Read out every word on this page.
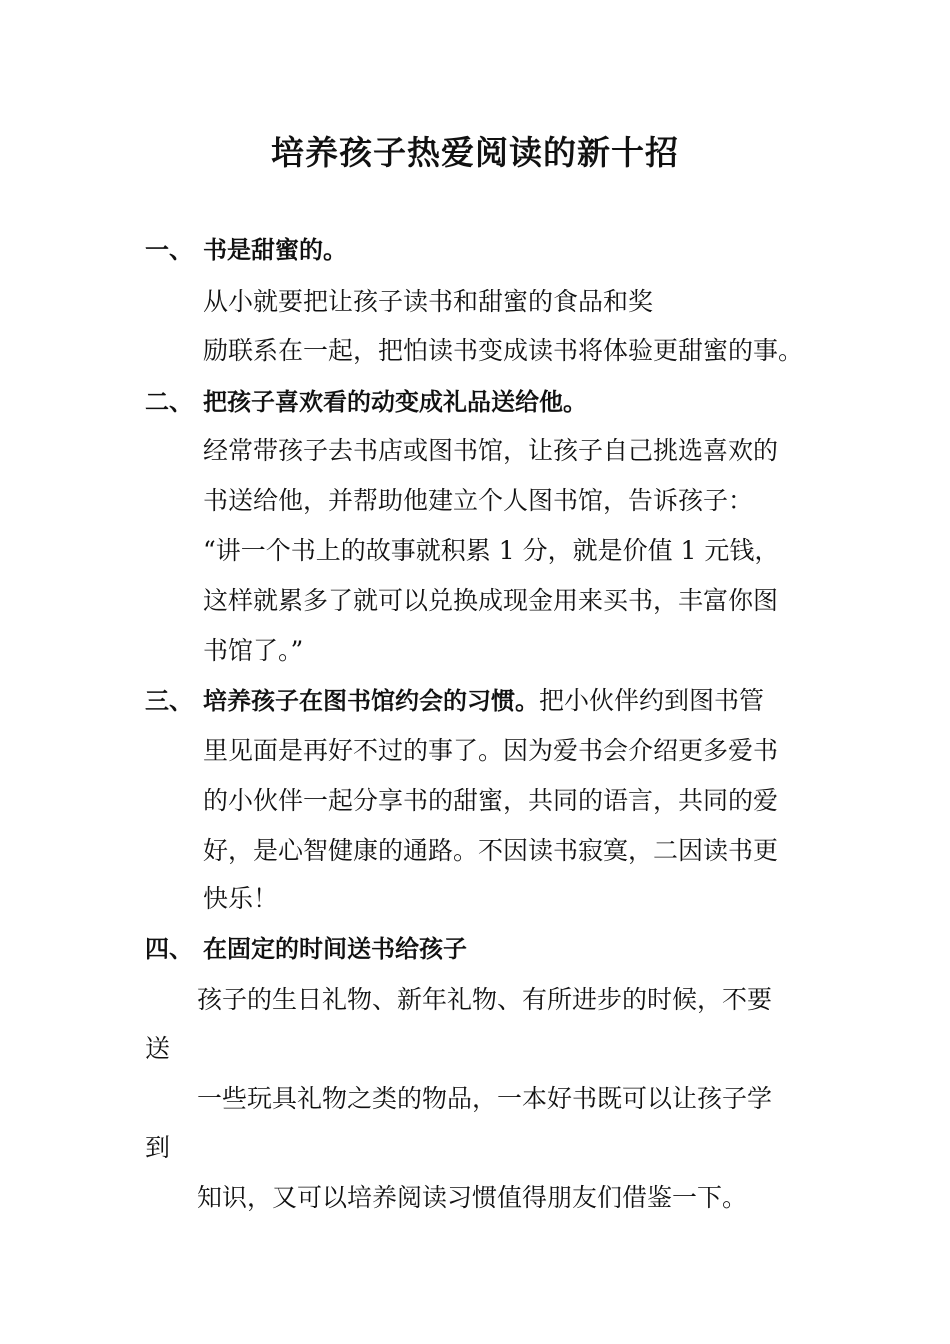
培养孩子热爱阅读的新十招
一、 书是甜蜜的。
从小就要把让孩子读书和甜蜜的食品和奖
励联系在一起，把怕读书变成读书将体验更甜蜜的事。
二、 把孩子喜欢看的动变成礼品送给他。
经常带孩子去书店或图书馆，让孩子自己挑选喜欢的
书送给他，并帮助他建立个人图书馆，告诉孩子：
“讲一个书上的故事就积累 1 分，就是价值 1 元钱，
这样就累多了就可以兑换成现金用来买书，丰富你图
书馆了。”
三、 培养孩子在图书馆约会的习惯。把小伙伴约到图书管
里见面是再好不过的事了。因为爱书会介绍更多爱书
的小伙伴一起分享书的甜蜜，共同的语言，共同的爱
好，是心智健康的通路。不因读书寂寞，二因读书更
快乐！
四、 在固定的时间送书给孩子
孩子的生日礼物、新年礼物、有所进步的时候，不要
送
一些玩具礼物之类的物品，一本好书既可以让孩子学
到
知识，又可以培养阅读习惯值得朋友们借鉴一下。
